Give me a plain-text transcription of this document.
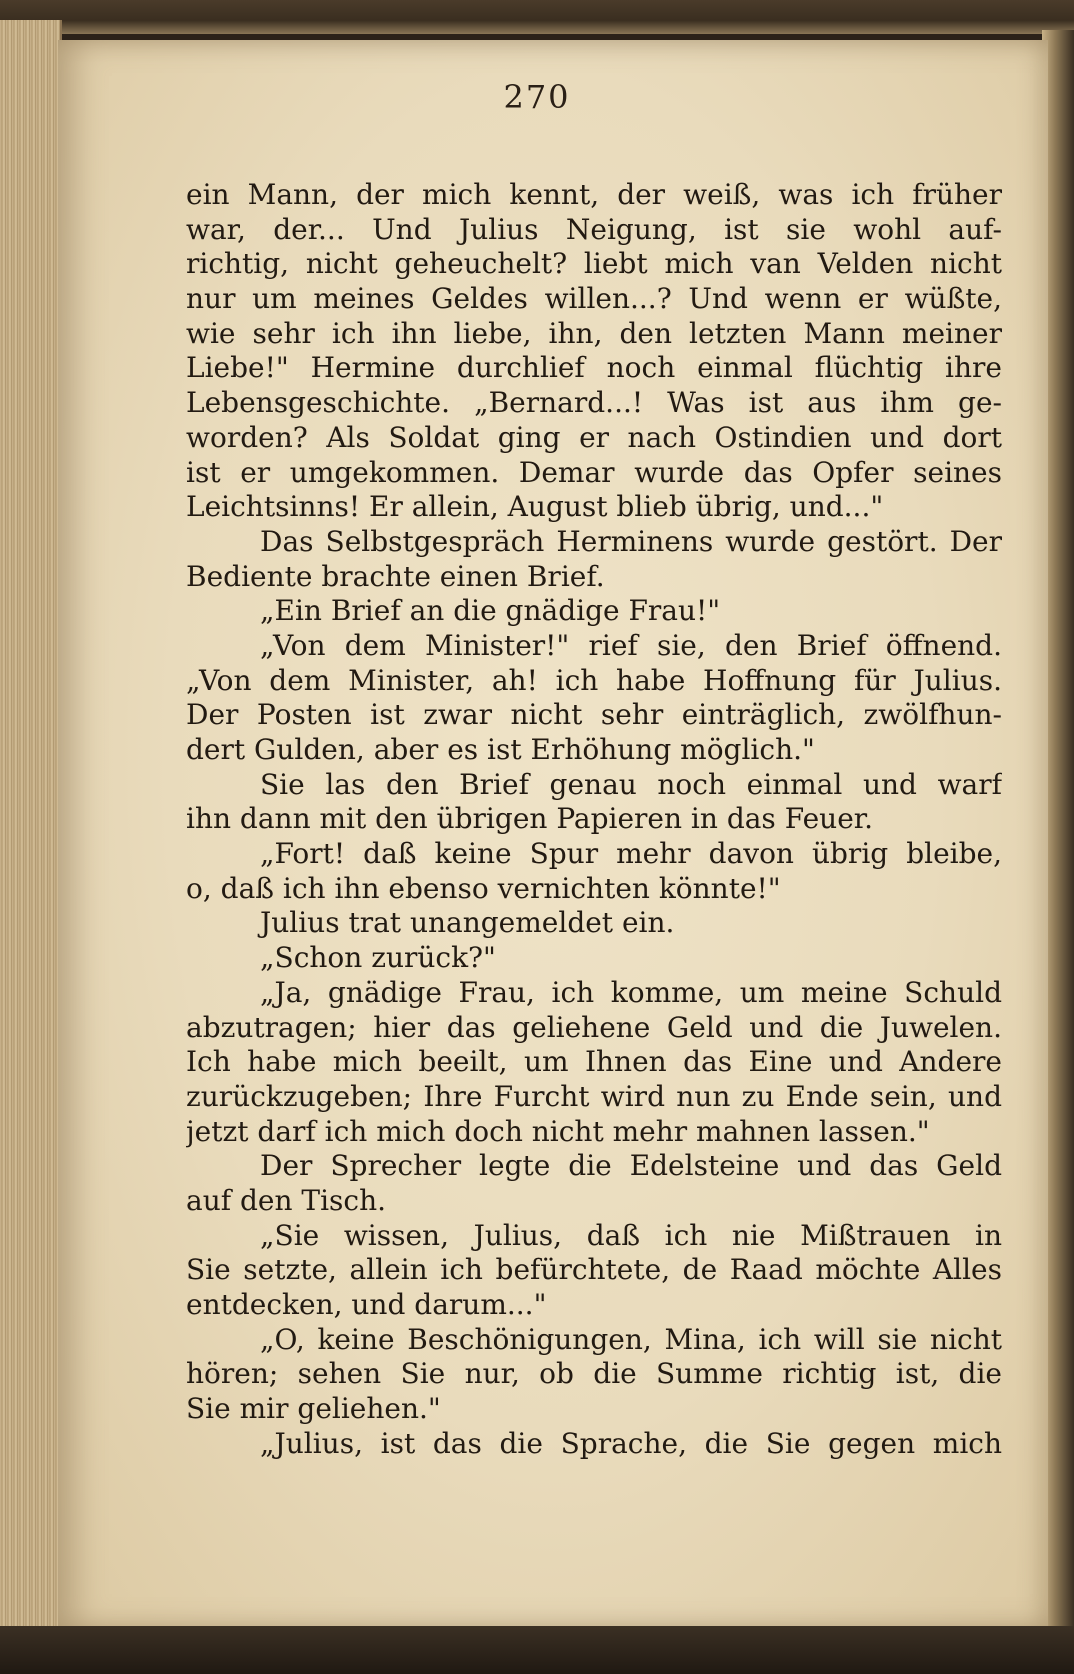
270
ein Mann, der mich kennt, der weiß, was ich früher
war, der... Und Julius Neigung, ist sie wohl auf-
richtig, nicht geheuchelt? liebt mich van Velden nicht
nur um meines Geldes willen...? Und wenn er wüßte,
wie sehr ich ihn liebe, ihn, den letzten Mann meiner
Liebe!" Hermine durchlief noch einmal flüchtig ihre
Lebensgeschichte. „Bernard...! Was ist aus ihm ge-
worden? Als Soldat ging er nach Ostindien und dort
ist er umgekommen. Demar wurde das Opfer seines
Leichtsinns! Er allein, August blieb übrig, und..."
Das Selbstgespräch Herminens wurde gestört. Der
Bediente brachte einen Brief.
„Ein Brief an die gnädige Frau!"
„Von dem Minister!" rief sie, den Brief öffnend.
„Von dem Minister, ah! ich habe Hoffnung für Julius.
Der Posten ist zwar nicht sehr einträglich, zwölfhun-
dert Gulden, aber es ist Erhöhung möglich."
Sie las den Brief genau noch einmal und warf
ihn dann mit den übrigen Papieren in das Feuer.
„Fort! daß keine Spur mehr davon übrig bleibe,
o, daß ich ihn ebenso vernichten könnte!"
Julius trat unangemeldet ein.
„Schon zurück?"
„Ja, gnädige Frau, ich komme, um meine Schuld
abzutragen; hier das geliehene Geld und die Juwelen.
Ich habe mich beeilt, um Ihnen das Eine und Andere
zurückzugeben; Ihre Furcht wird nun zu Ende sein, und
jetzt darf ich mich doch nicht mehr mahnen lassen."
Der Sprecher legte die Edelsteine und das Geld
auf den Tisch.
„Sie wissen, Julius, daß ich nie Mißtrauen in
Sie setzte, allein ich befürchtete, de Raad möchte Alles
entdecken, und darum..."
„O, keine Beschönigungen, Mina, ich will sie nicht
hören; sehen Sie nur, ob die Summe richtig ist, die
Sie mir geliehen."
„Julius, ist das die Sprache, die Sie gegen mich
